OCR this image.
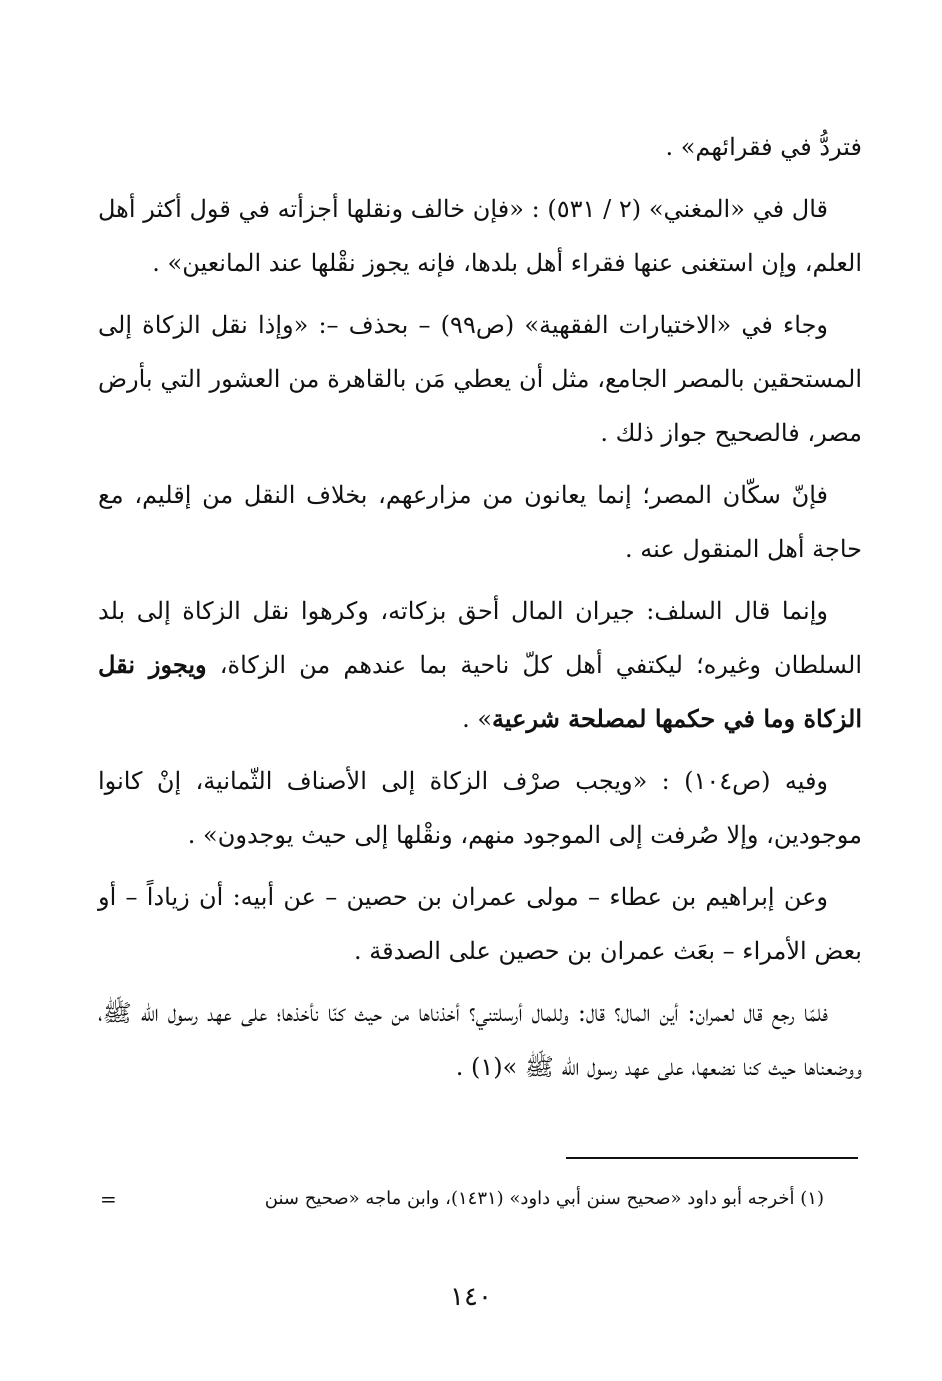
فتردُّ في فقرائهم» .

قال في «المغني» (٢ / ٥٣١) : «فإن خالف ونقلها أجزأته في قول أكثر أهل العلم، وإن استغنى عنها فقراء أهل بلدها، فإنه يجوز نقْلها عند المانعين» .

وجاء في «الاختيارات الفقهية» (ص٩٩) – بحذف –: «وإذا نقل الزكاة إلى المستحقين بالمصر الجامع، مثل أن يعطي مَن بالقاهرة من العشور التي بأرض مصر، فالصحيح جواز ذلك .

فإنّ سكّان المصر؛ إنما يعانون من مزارعهم، بخلاف النقل من إقليم، مع حاجة أهل المنقول عنه .

وإنما قال السلف: جيران المال أحق بزكاته، وكرهوا نقل الزكاة إلى بلد السلطان وغيره؛ ليكتفي أهل كلّ ناحية بما عندهم من الزكاة، ويجوز نقل الزكاة وما في حكمها لمصلحة شرعية» .

وفيه (ص١٠٤) : «ويجب صرْف الزكاة إلى الأصناف الثّمانية، إنْ كانوا موجودين، وإلا صُرفت إلى الموجود منهم، ونقْلها إلى حيث يوجدون» .

وعن إبراهيم بن عطاء – مولى عمران بن حصين – عن أبيه: أن زياداً – أو بعض الأمراء – بعَث عمران بن حصين على الصدقة .

فلمّا رجع قال لعمران: أين المال؟ قال: وللمال أرسلتني؟ أخذناها من حيث كنّا نأخذها؛ على عهد رسول الله ﷺ، ووضعناها حيث كنا نضعها، على عهد رسول الله ﷺ »(١) .

(١) أخرجه أبو داود «صحيح سنن أبي داود» (١٤٣١)، وابن ماجه «صحيح سنن
=
١٤٠
